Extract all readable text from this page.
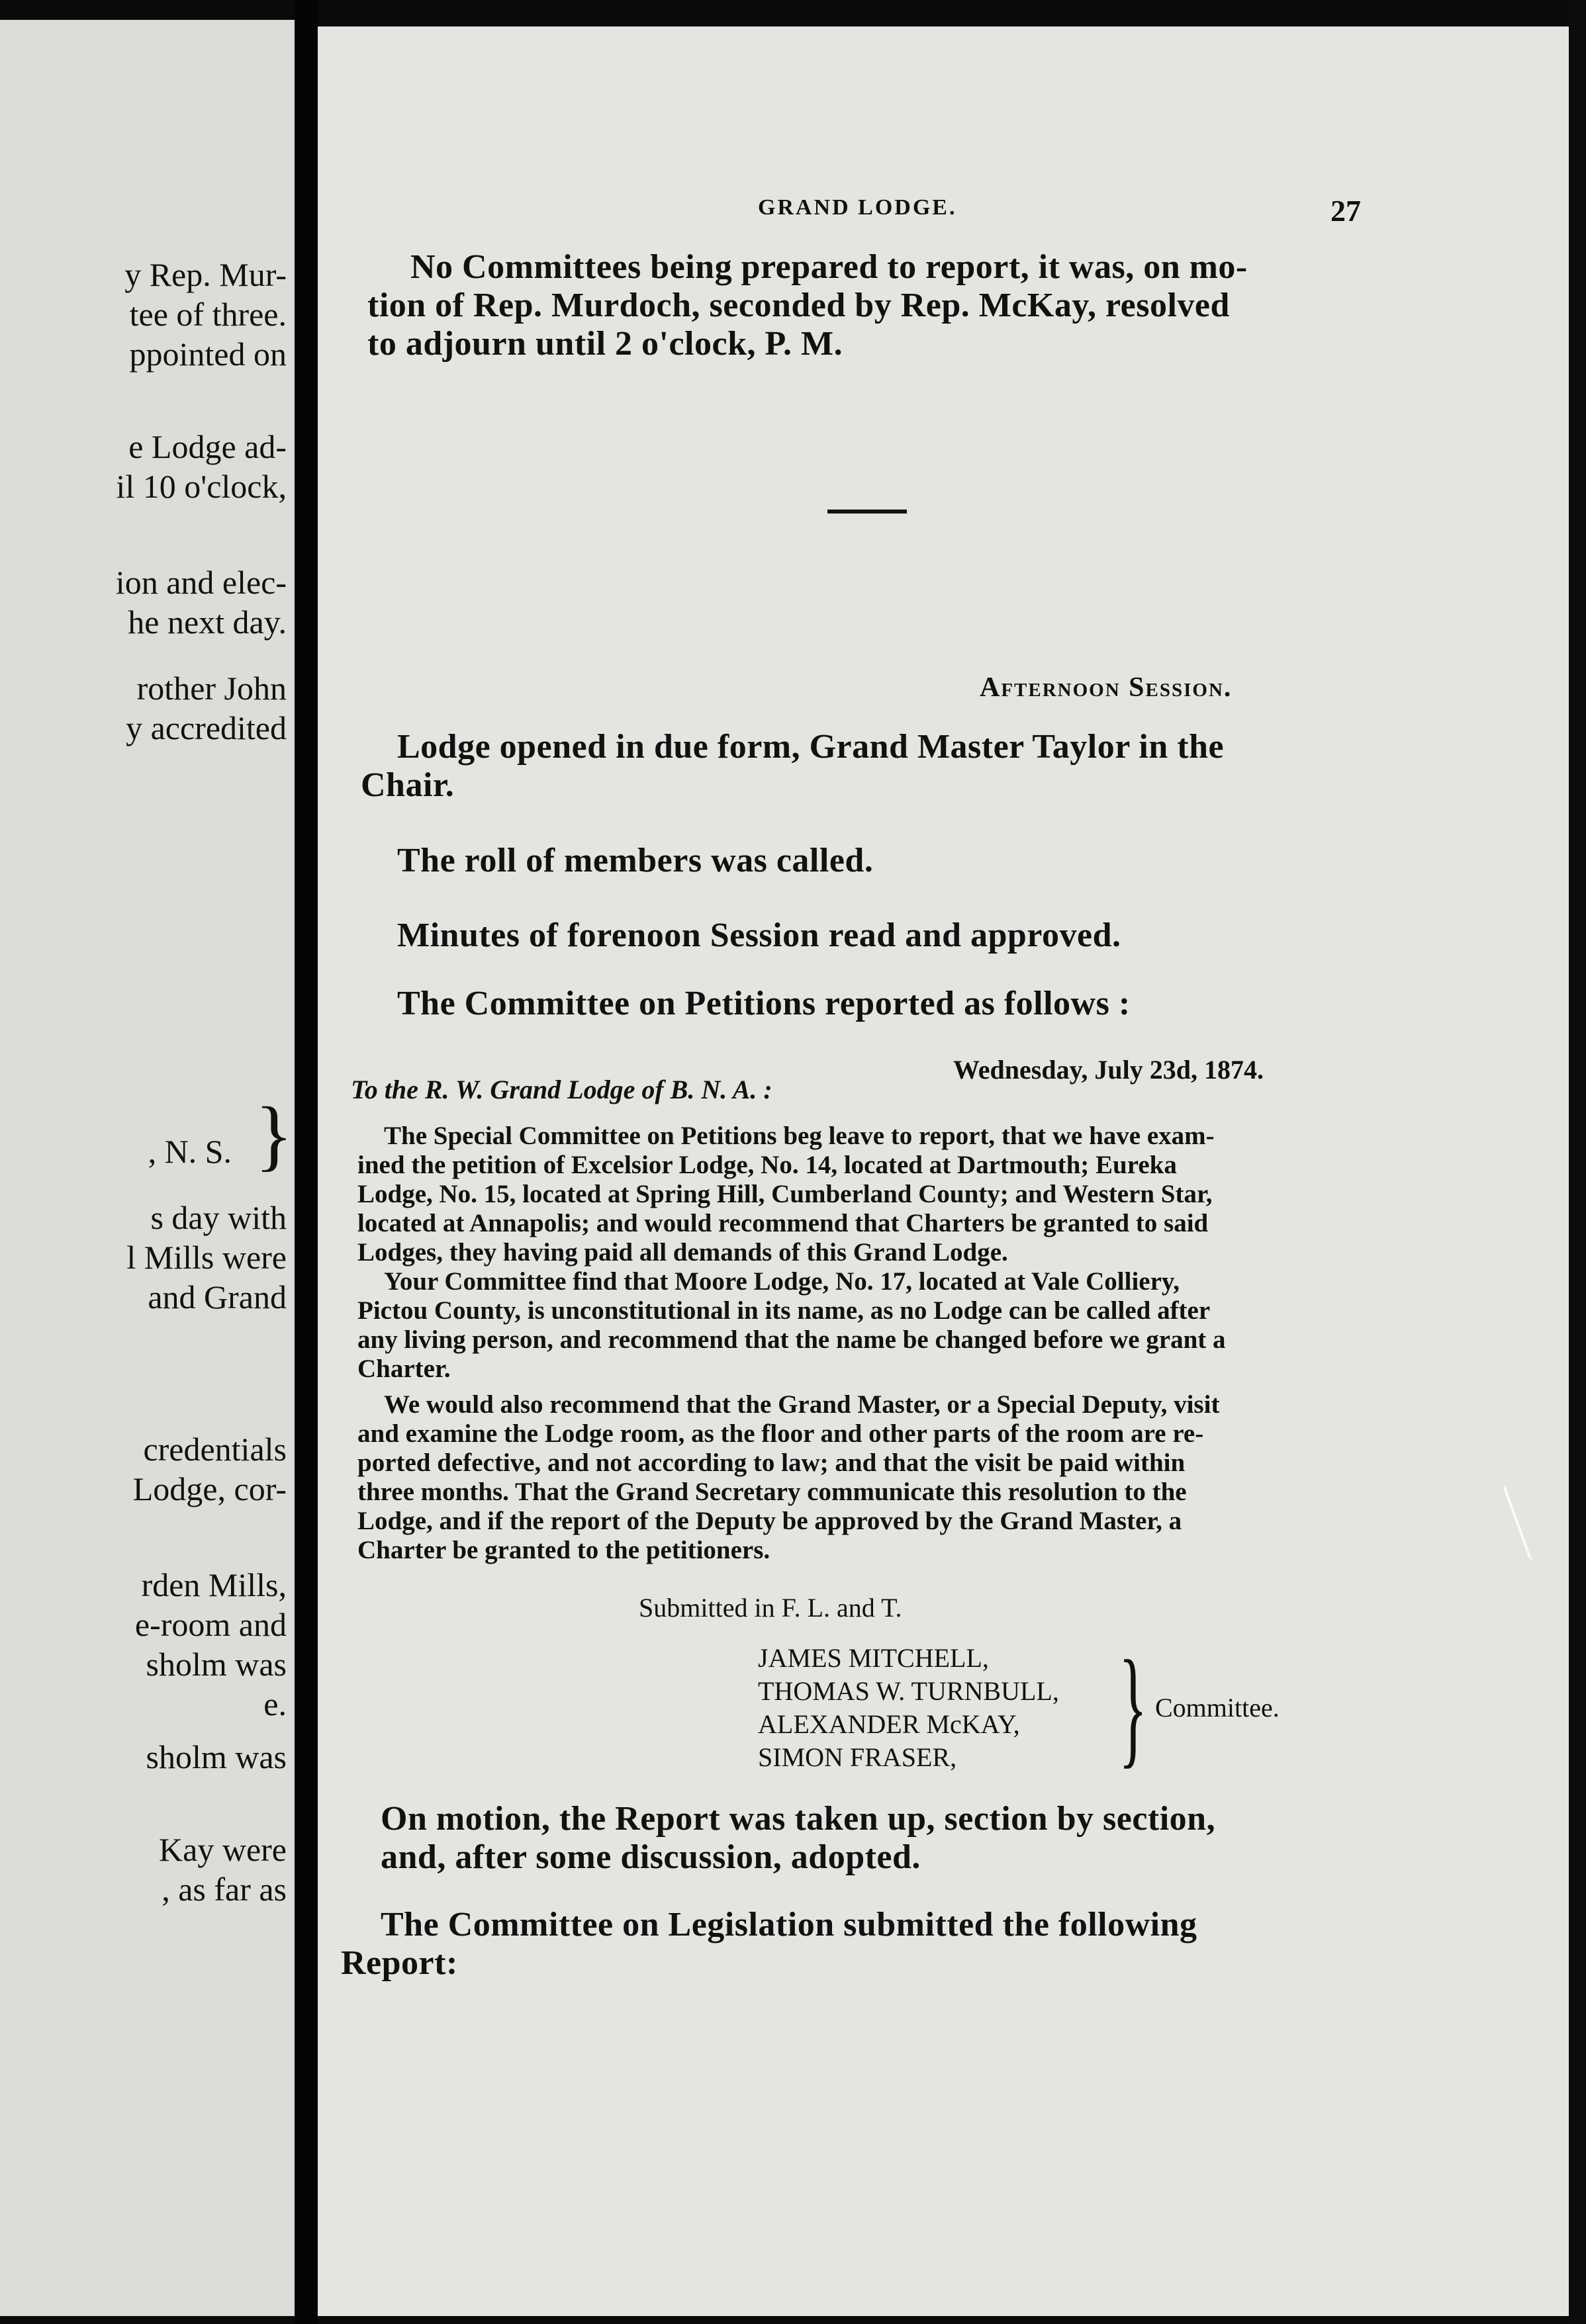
y Rep. Mur-
tee of three.
ppointed on
e Lodge ad-
il 10 o'clock,
ion and elec-
he next day.
rother John
y accredited
, N. S. }
s day with
l Mills were
and Grand
credentials
Lodge, cor-
rden Mills,
e-room and
sholm was
e.
sholm was
Kay were
, as far as
GRAND LODGE.	27
No Committees being prepared to report, it was, on mo-
tion of Rep. Murdoch, seconded by Rep. McKay, resolved
to adjourn until 2 o'clock, P. M.
Afternoon Session.
Lodge opened in due form, Grand Master Taylor in the
Chair.
The roll of members was called.
Minutes of forenoon Session read and approved.
The Committee on Petitions reported as follows :
Wednesday, July 23d, 1874.
To the R. W. Grand Lodge of B. N. A. :
The Special Committee on Petitions beg leave to report, that we have exam-
ined the petition of Excelsior Lodge, No. 14, located at Dartmouth; Eureka
Lodge, No. 15, located at Spring Hill, Cumberland County; and Western Star,
located at Annapolis; and would recommend that Charters be granted to said
Lodges, they having paid all demands of this Grand Lodge.
Your Committee find that Moore Lodge, No. 17, located at Vale Colliery,
Pictou County, is unconstitutional in its name, as no Lodge can be called after
any living person, and recommend that the name be changed before we grant a
Charter.
We would also recommend that the Grand Master, or a Special Deputy, visit
and examine the Lodge room, as the floor and other parts of the room are re-
ported defective, and not according to law; and that the visit be paid within
three months. That the Grand Secretary communicate this resolution to the
Lodge, and if the report of the Deputy be approved by the Grand Master, a
Charter be granted to the petitioners.
Submitted in F. L. and T.
JAMES MITCHELL,
THOMAS W. TURNBULL,
ALEXANDER McKAY,
SIMON FRASER, } Committee.
On motion, the Report was taken up, section by section,
and, after some discussion, adopted.
The Committee on Legislation submitted the following
Report:
